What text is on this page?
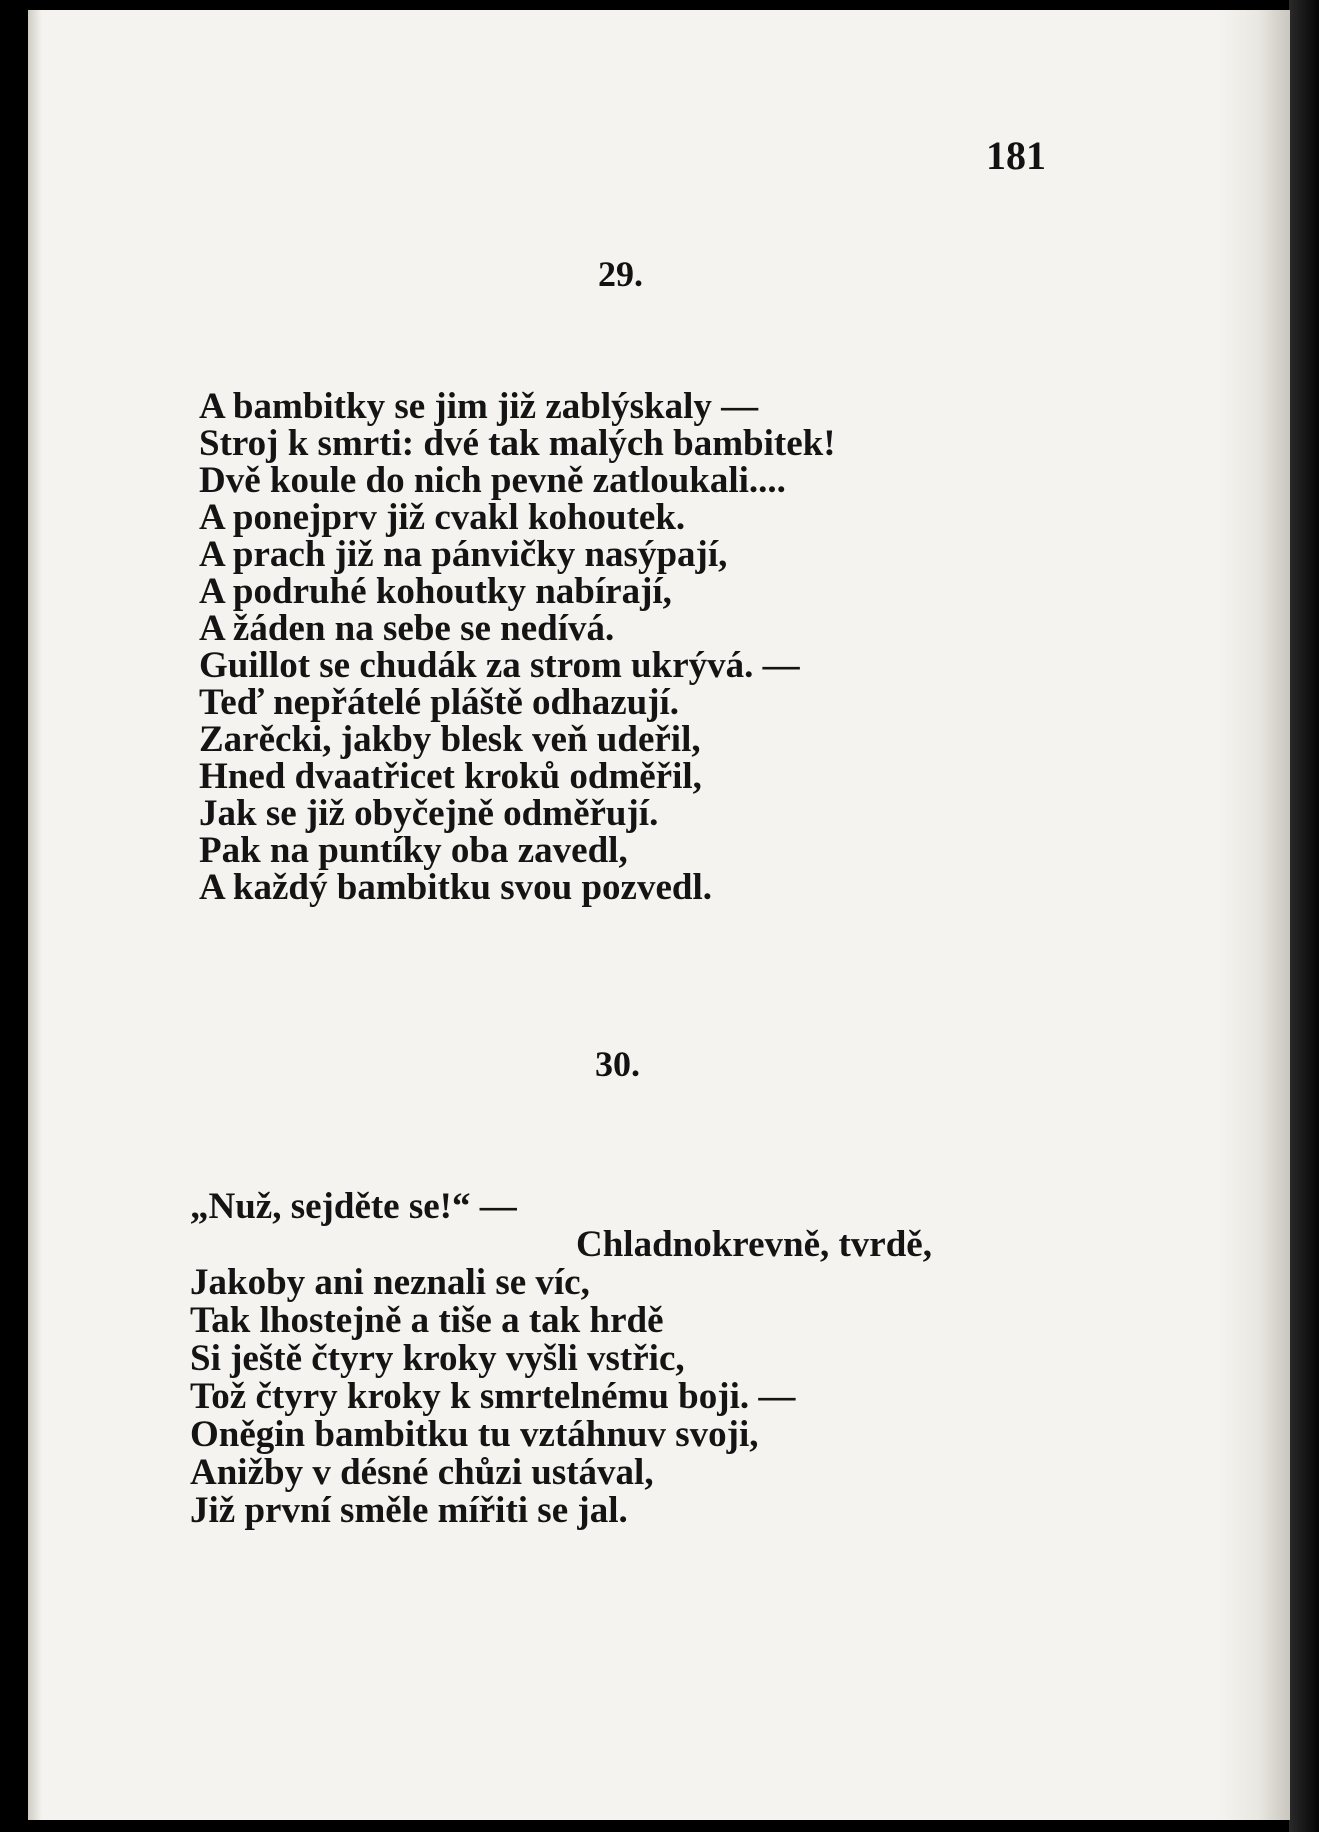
181
29.
A bambitky se jim již zablýskaly —
Stroj k smrti: dvé tak malých bambitek!
Dvě koule do nich pevně zatloukali....
A ponejprv již cvakl kohoutek.
A prach již na pánvičky nasýpají,
A podruhé kohoutky nabírají,
A žáden na sebe se nedívá.
Guillot se chudák za strom ukrývá. —
Teď nepřátelé pláště odhazují.
Zarěcki, jakby blesk veň udeřil,
Hned dvaatřicet kroků odměřil,
Jak se již obyčejně odměřují.
Pak na puntíky oba zavedl,
A každý bambitku svou pozvedl.
30.
„Nuž, sejděte se!“ —
Chladnokrevně, tvrdě,
Jakoby ani neznali se víc,
Tak lhostejně a tiše a tak hrdě
Si ještě čtyry kroky vyšli vstřic,
Tož čtyry kroky k smrtelnému boji. —
Oněgin bambitku tu vztáhnuv svoji,
Anižby v désné chůzi ustával,
Již první směle mířiti se jal.
